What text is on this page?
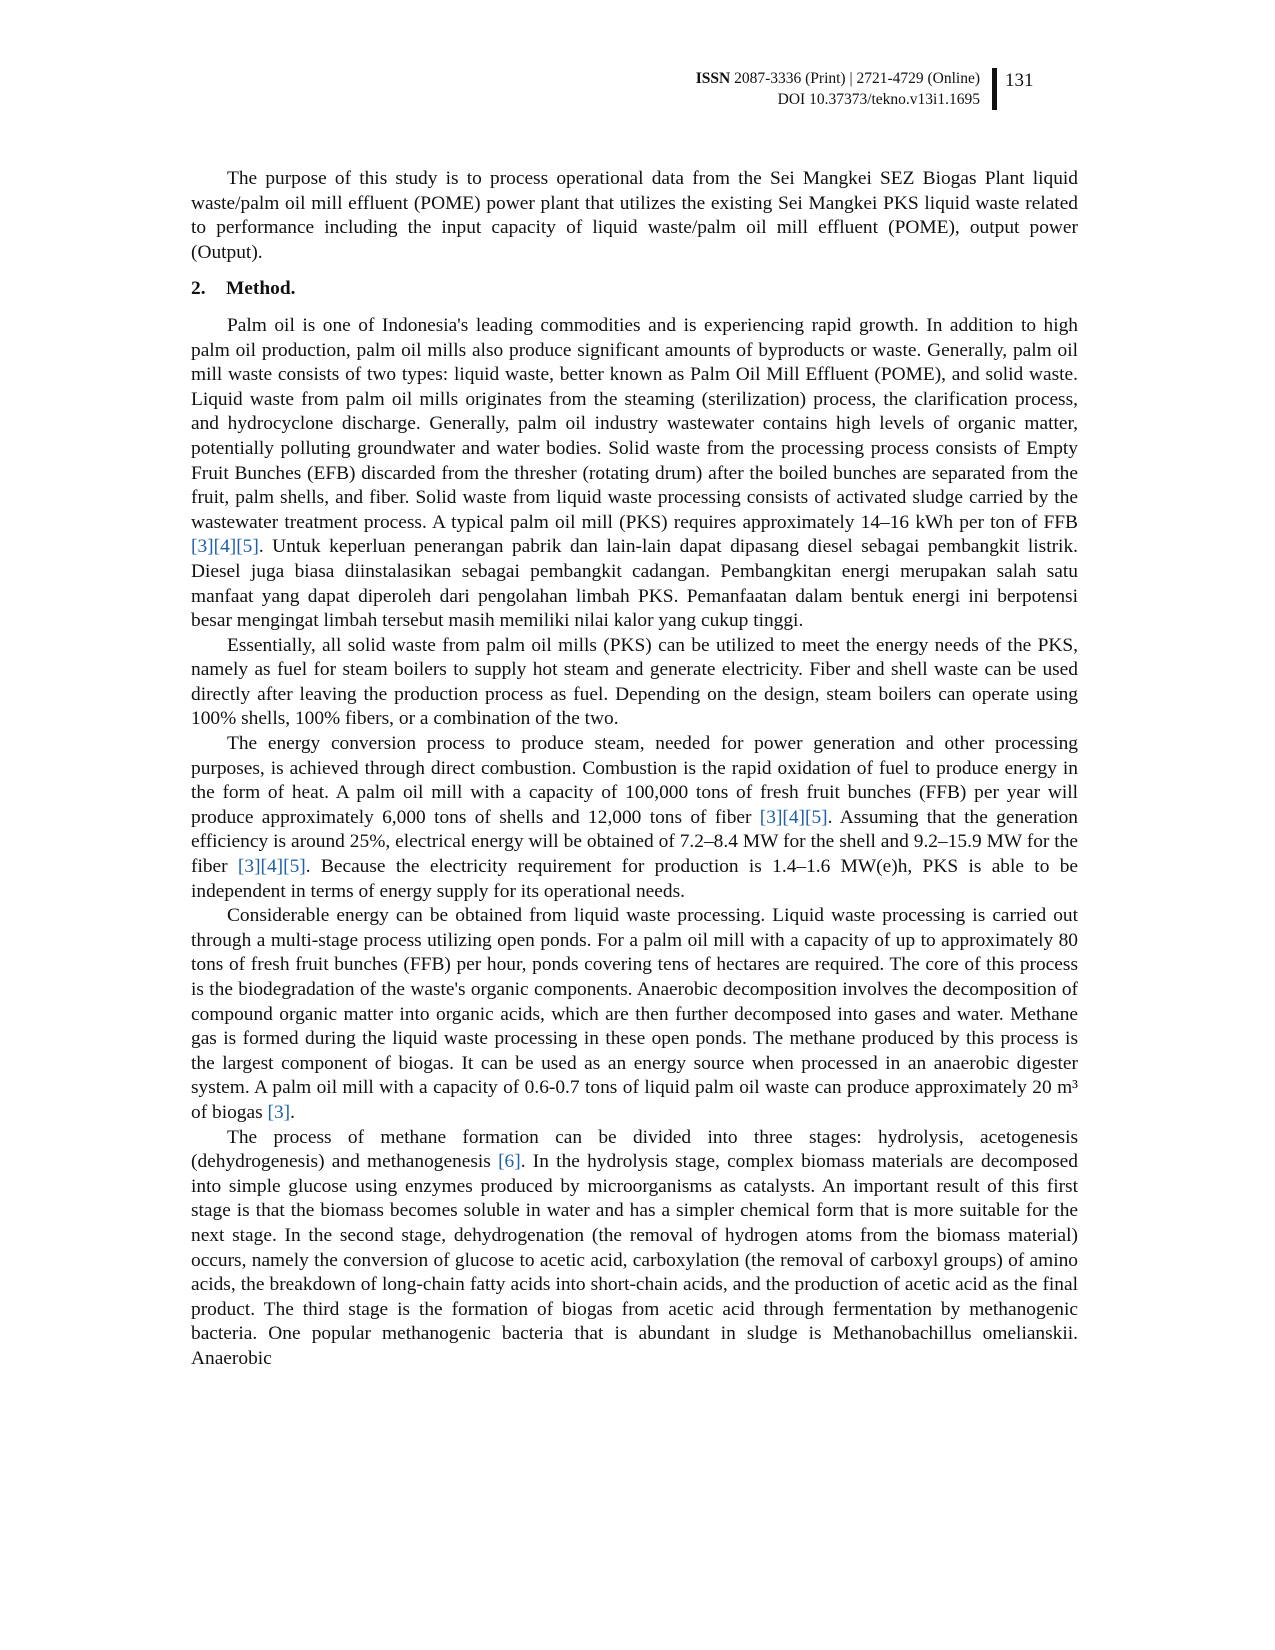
ISSN 2087-3336 (Print) | 2721-4729 (Online)
DOI 10.37373/tekno.v13i1.1695
131

The purpose of this study is to process operational data from the Sei Mangkei SEZ Biogas Plant liquid waste/palm oil mill effluent (POME) power plant that utilizes the existing Sei Mangkei PKS liquid waste related to performance including the input capacity of liquid waste/palm oil mill effluent (POME), output power (Output).

2. Method.

Palm oil is one of Indonesia's leading commodities and is experiencing rapid growth. In addition to high palm oil production, palm oil mills also produce significant amounts of byproducts or waste. Generally, palm oil mill waste consists of two types: liquid waste, better known as Palm Oil Mill Effluent (POME), and solid waste. Liquid waste from palm oil mills originates from the steaming (sterilization) process, the clarification process, and hydrocyclone discharge. Generally, palm oil industry wastewater contains high levels of organic matter, potentially polluting groundwater and water bodies. Solid waste from the processing process consists of Empty Fruit Bunches (EFB) discarded from the thresher (rotating drum) after the boiled bunches are separated from the fruit, palm shells, and fiber. Solid waste from liquid waste processing consists of activated sludge carried by the wastewater treatment process. A typical palm oil mill (PKS) requires approximately 14–16 kWh per ton of FFB [3][4][5]. Untuk keperluan penerangan pabrik dan lain-lain dapat dipasang diesel sebagai pembangkit listrik. Diesel juga biasa diinstalasikan sebagai pembangkit cadangan. Pembangkitan energi merupakan salah satu manfaat yang dapat diperoleh dari pengolahan limbah PKS. Pemanfaatan dalam bentuk energi ini berpotensi besar mengingat limbah tersebut masih memiliki nilai kalor yang cukup tinggi.

Essentially, all solid waste from palm oil mills (PKS) can be utilized to meet the energy needs of the PKS, namely as fuel for steam boilers to supply hot steam and generate electricity. Fiber and shell waste can be used directly after leaving the production process as fuel. Depending on the design, steam boilers can operate using 100% shells, 100% fibers, or a combination of the two.

The energy conversion process to produce steam, needed for power generation and other processing purposes, is achieved through direct combustion. Combustion is the rapid oxidation of fuel to produce energy in the form of heat. A palm oil mill with a capacity of 100,000 tons of fresh fruit bunches (FFB) per year will produce approximately 6,000 tons of shells and 12,000 tons of fiber [3][4][5]. Assuming that the generation efficiency is around 25%, electrical energy will be obtained of 7.2–8.4 MW for the shell and 9.2–15.9 MW for the fiber [3][4][5]. Because the electricity requirement for production is 1.4–1.6 MW(e)h, PKS is able to be independent in terms of energy supply for its operational needs.

Considerable energy can be obtained from liquid waste processing. Liquid waste processing is carried out through a multi-stage process utilizing open ponds. For a palm oil mill with a capacity of up to approximately 80 tons of fresh fruit bunches (FFB) per hour, ponds covering tens of hectares are required. The core of this process is the biodegradation of the waste's organic components. Anaerobic decomposition involves the decomposition of compound organic matter into organic acids, which are then further decomposed into gases and water. Methane gas is formed during the liquid waste processing in these open ponds. The methane produced by this process is the largest component of biogas. It can be used as an energy source when processed in an anaerobic digester system. A palm oil mill with a capacity of 0.6-0.7 tons of liquid palm oil waste can produce approximately 20 m³ of biogas [3].

The process of methane formation can be divided into three stages: hydrolysis, acetogenesis (dehydrogenesis) and methanogenesis [6]. In the hydrolysis stage, complex biomass materials are decomposed into simple glucose using enzymes produced by microorganisms as catalysts. An important result of this first stage is that the biomass becomes soluble in water and has a simpler chemical form that is more suitable for the next stage. In the second stage, dehydrogenation (the removal of hydrogen atoms from the biomass material) occurs, namely the conversion of glucose to acetic acid, carboxylation (the removal of carboxyl groups) of amino acids, the breakdown of long-chain fatty acids into short-chain acids, and the production of acetic acid as the final product. The third stage is the formation of biogas from acetic acid through fermentation by methanogenic bacteria. One popular methanogenic bacteria that is abundant in sludge is Methanobachillus omelianskii. Anaerobic
